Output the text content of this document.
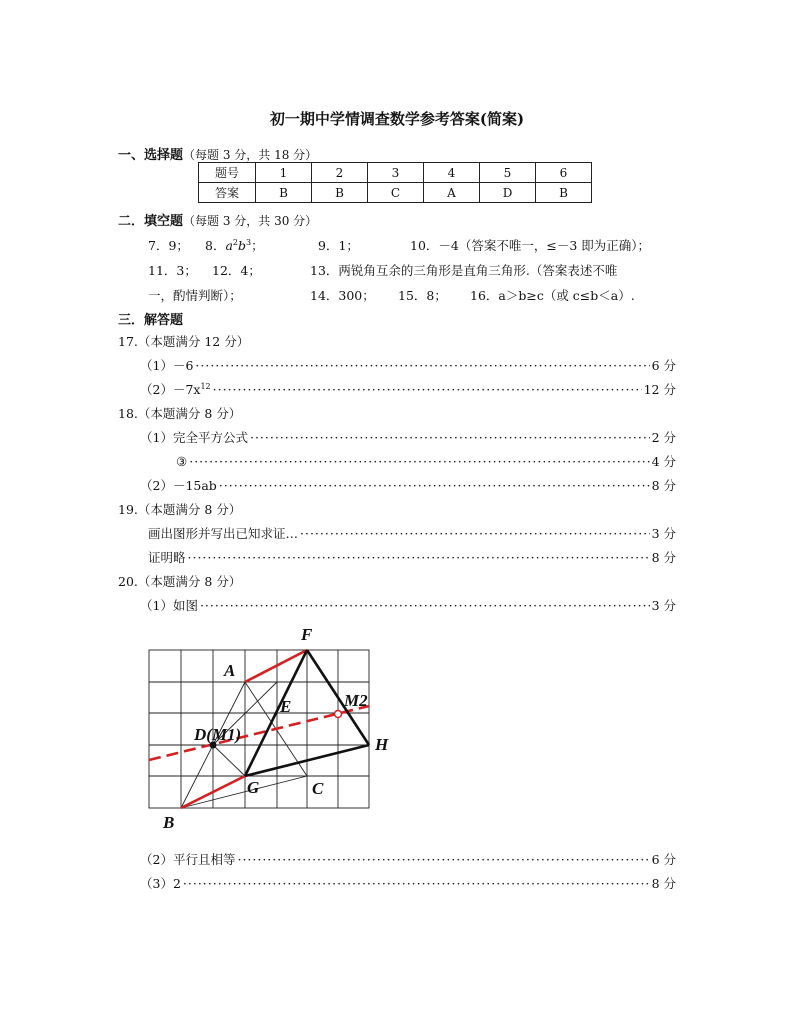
初一期中学情调查数学参考答案(简案)
一、选择题（每题 3 分，共 18 分）
题号	1	2	3	4	5	6
答案	B	B	C	A	D	B
二．填空题（每题 3 分，共 30 分）
7．9； 8．$a^2b^3$；	9．1；	10．－4（答案不唯一，≤－3 即为正确）；
11．3； 12．4；	13．两锐角互余的三角形是直角三角形.（答案表述不唯
一，酌情判断）；	14．300； 15．8； 16．a＞b≥c（或 c≤b＜a）.
三．解答题
17.（本题满分 12 分）
（1）－6 ·····	6 分
$(2)-7x^{12}$ ·····	12 分
18.（本题满分 8 分）
（1）完全平方公式 ·····	2 分
③ ·····	4 分
（2）－15ab ·····	8 分
19.（本题满分 8 分）
画出图形并写出已知求证… ·····	3 分
证明略 ·····	8 分
20.（本题满分 8 分）
（1）如图 ·····	3 分
F
A
E	M2
D(M1)
H
G	C
B
（2）平行且相等 ·····	6 分
（3）2 ·····	8 分
